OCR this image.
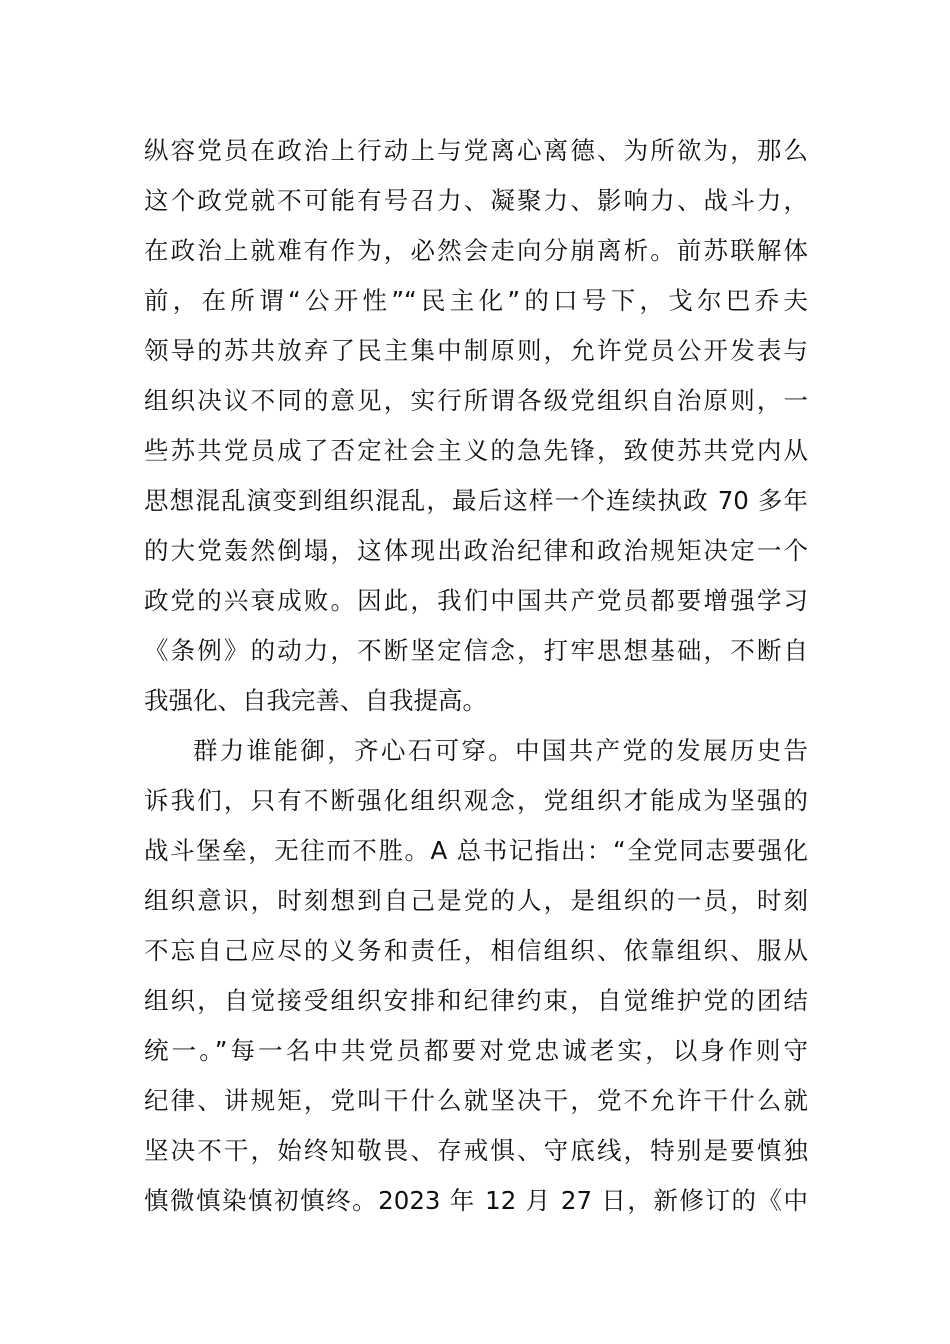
纵容党员在政治上行动上与党离心离德、为所欲为，那么
这个政党就不可能有号召力、凝聚力、影响力、战斗力，
在政治上就难有作为，必然会走向分崩离析。前苏联解体
前，在所谓“公开性”“民主化”的口号下，戈尔巴乔夫
领导的苏共放弃了民主集中制原则，允许党员公开发表与
组织决议不同的意见，实行所谓各级党组织自治原则，一
些苏共党员成了否定社会主义的急先锋，致使苏共党内从
思想混乱演变到组织混乱，最后这样一个连续执政 70 多年
的大党轰然倒塌，这体现出政治纪律和政治规矩决定一个
政党的兴衰成败。因此，我们中国共产党员都要增强学习
《条例》的动力，不断坚定信念，打牢思想基础，不断自
我强化、自我完善、自我提高。
群力谁能御，齐心石可穿。中国共产党的发展历史告
诉我们，只有不断强化组织观念，党组织才能成为坚强的
战斗堡垒，无往而不胜。A 总书记指出：“全党同志要强化
组织意识，时刻想到自己是党的人，是组织的一员，时刻
不忘自己应尽的义务和责任，相信组织、依靠组织、服从
组织，自觉接受组织安排和纪律约束，自觉维护党的团结
统一。”每一名中共党员都要对党忠诚老实，以身作则守
纪律、讲规矩，党叫干什么就坚决干，党不允许干什么就
坚决不干，始终知敬畏、存戒惧、守底线，特别是要慎独
慎微慎染慎初慎终。2023 年 12 月 27 日，新修订的《中
